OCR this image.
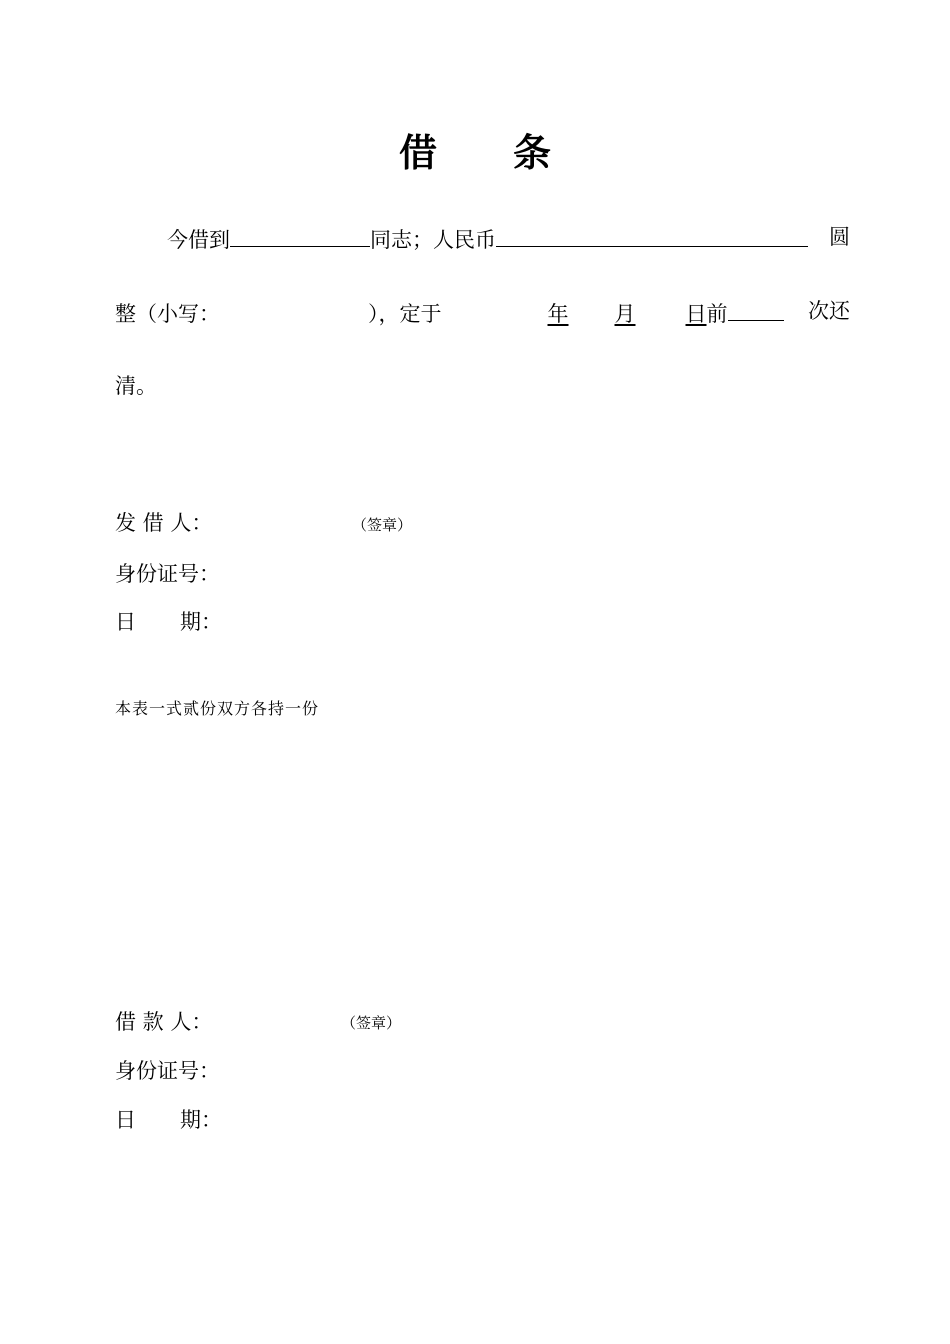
借 条
今借到	同志；人民币	圆
整（小写：	），定于	年 月 日前	次还
清。
发 借 人：	（签章）
身份证号：
日 期：
本表一式贰份双方各持一份
借 款 人：	（签章）
身份证号：
日 期：
